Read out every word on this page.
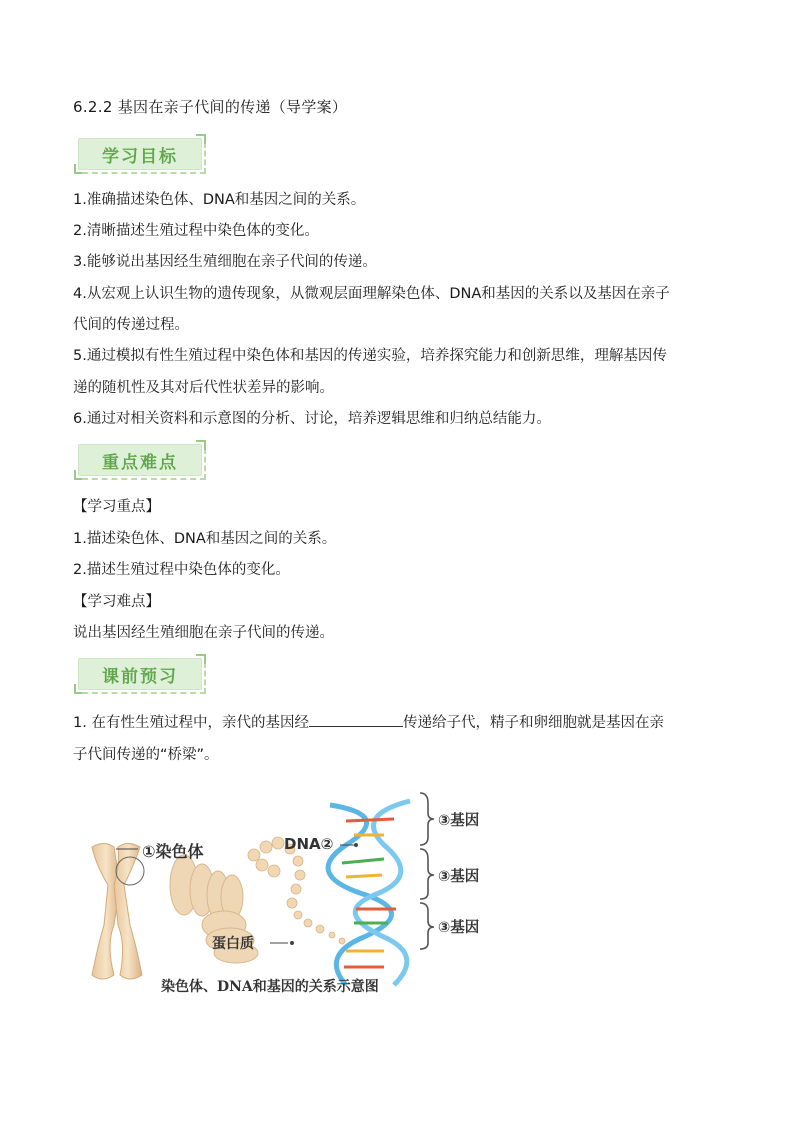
6.2.2 基因在亲子代间的传递（导学案）
学习目标
1.准确描述染色体、DNA和基因之间的关系。
2.清晰描述生殖过程中染色体的变化。
3.能够说出基因经生殖细胞在亲子代间的传递。
4.从宏观上认识生物的遗传现象，从微观层面理解染色体、DNA和基因的关系以及基因在亲子
代间的传递过程。
5.通过模拟有性生殖过程中染色体和基因的传递实验，培养探究能力和创新思维，理解基因传
递的随机性及其对后代性状差异的影响。
6.通过对相关资料和示意图的分析、讨论，培养逻辑思维和归纳总结能力。
重点难点
【学习重点】
1.描述染色体、DNA和基因之间的关系。
2.描述生殖过程中染色体的变化。
【学习难点】
说出基因经生殖细胞在亲子代间的传递。
课前预习
1. 在有性生殖过程中，亲代的基因经	传递给子代，精子和卵细胞就是基因在亲
子代间传递的“桥梁”。
①染色体	DNA②
蛋白质
③基因
③基因
③基因
染色体、DNA和基因的关系示意图
